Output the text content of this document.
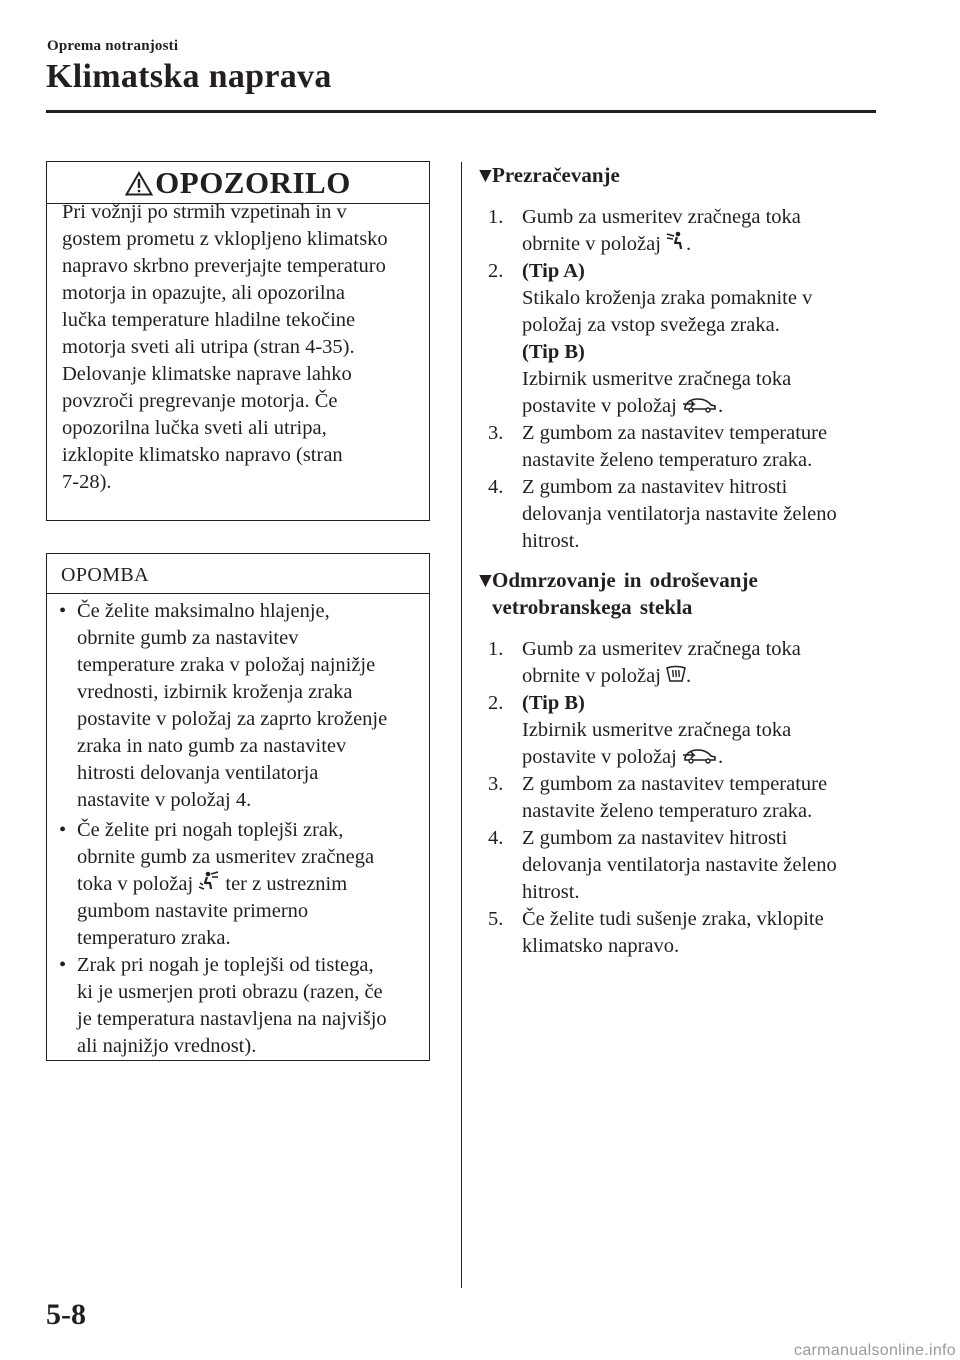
Oprema notranjosti
Klimatska naprava
OPOZORILO
Pri vožnji po strmih vzpetinah in v
gostem prometu z vklopljeno klimatsko
napravo skrbno preverjajte temperaturo
motorja in opazujte, ali opozorilna
lučka temperature hladilne tekočine
motorja sveti ali utripa (stran 4-35).
Delovanje klimatske naprave lahko
povzroči pregrevanje motorja. Če
opozorilna lučka sveti ali utripa,
izklopite klimatsko napravo (stran
7-28).
OPOMBA
• Če želite maksimalno hlajenje,
obrnite gumb za nastavitev
temperature zraka v položaj najnižje
vrednosti, izbirnik kroženja zraka
postavite v položaj za zaprto kroženje
zraka in nato gumb za nastavitev
hitrosti delovanja ventilatorja
nastavite v položaj 4.
• Če želite pri nogah toplejši zrak,
obrnite gumb za usmeritev zračnega
toka v položaj  ter z ustreznim
gumbom nastavite primerno
temperaturo zraka.
• Zrak pri nogah je toplejši od tistega,
ki je usmerjen proti obrazu (razen, če
je temperatura nastavljena na najvišjo
ali najnižjo vrednost).
▼
Prezračevanje
1. Gumb za usmeritev zračnega toka
obrnite v položaj .
2. (Tip A)
Stikalo kroženja zraka pomaknite v
položaj za vstop svežega zraka.
(Tip B)
Izbirnik usmeritve zračnega toka
postavite v položaj .
3. Z gumbom za nastavitev temperature
nastavite želeno temperaturo zraka.
4. Z gumbom za nastavitev hitrosti
delovanja ventilatorja nastavite želeno
hitrost.
▼
Odmrzovanje in odroševanje
vetrobranskega stekla
1. Gumb za usmeritev zračnega toka
obrnite v položaj .
2. (Tip B)
Izbirnik usmeritve zračnega toka
postavite v položaj .
3. Z gumbom za nastavitev temperature
nastavite želeno temperaturo zraka.
4. Z gumbom za nastavitev hitrosti
delovanja ventilatorja nastavite želeno
hitrost.
5. Če želite tudi sušenje zraka, vklopite
klimatsko napravo.
5-8
carmanualsonline.info
